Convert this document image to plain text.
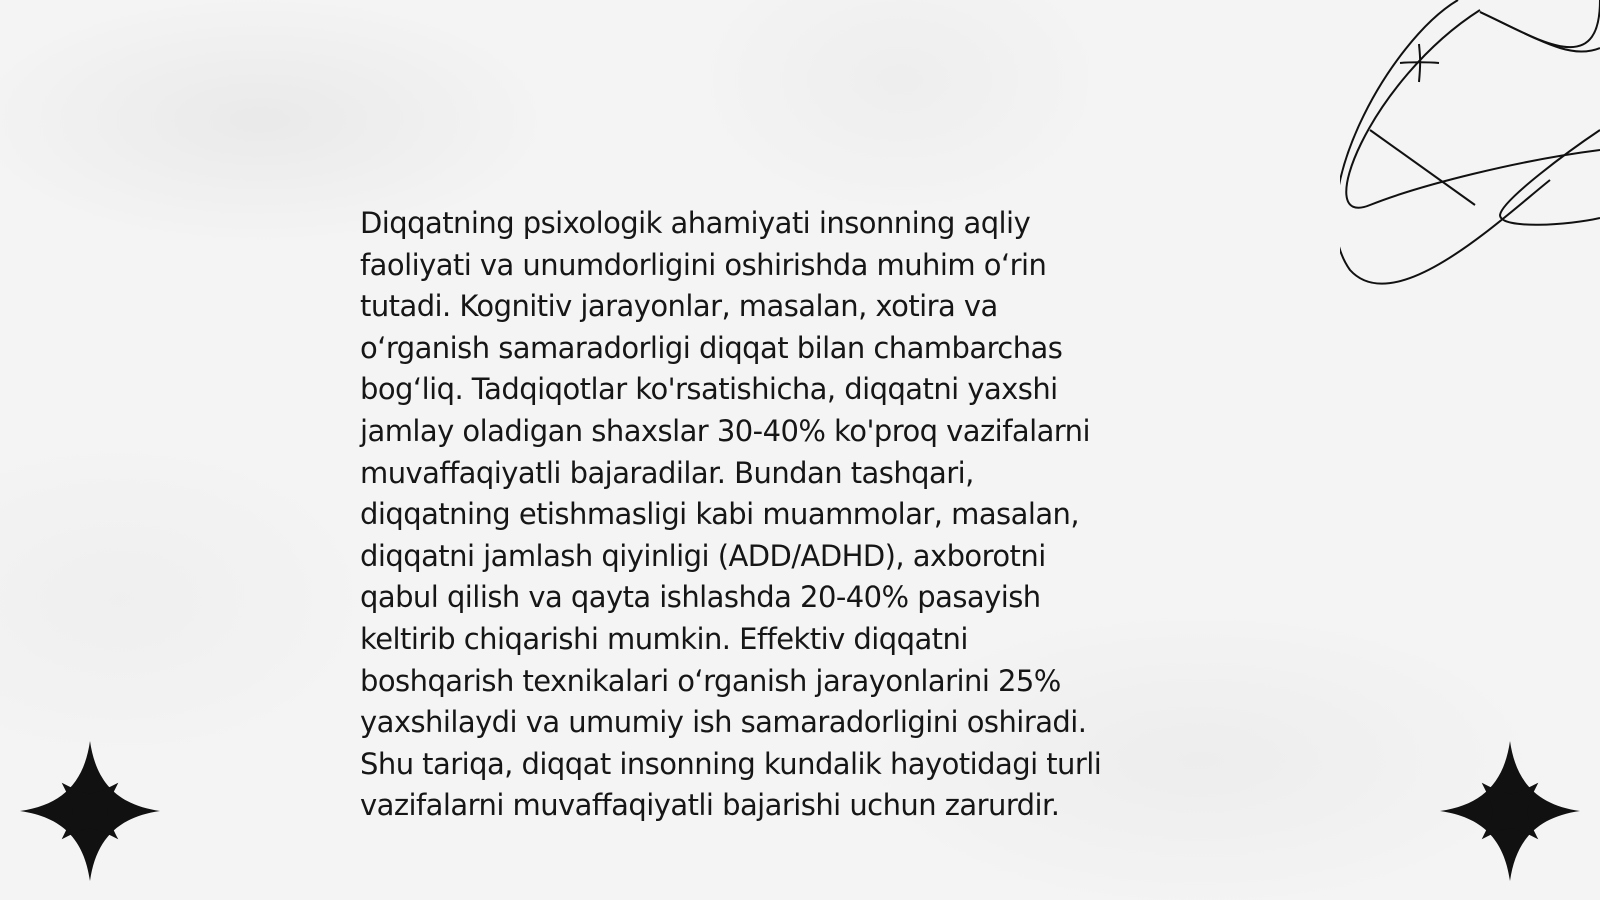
Diqqatning psixologik ahamiyati insonning aqliy
faoliyati va unumdorligini oshirishda muhim o‘rin
tutadi. Kognitiv jarayonlar, masalan, xotira va
o‘rganish samaradorligi diqqat bilan chambarchas
bog‘liq. Tadqiqotlar ko'rsatishicha, diqqatni yaxshi
jamlay oladigan shaxslar 30-40% ko'proq vazifalarni
muvaffaqiyatli bajaradilar. Bundan tashqari,
diqqatning etishmasligi kabi muammolar, masalan,
diqqatni jamlash qiyinligi (ADD/ADHD), axborotni
qabul qilish va qayta ishlashda 20-40% pasayish
keltirib chiqarishi mumkin. Effektiv diqqatni
boshqarish texnikalari o‘rganish jarayonlarini 25%
yaxshilaydi va umumiy ish samaradorligini oshiradi.
Shu tariqa, diqqat insonning kundalik hayotidagi turli
vazifalarni muvaffaqiyatli bajarishi uchun zarurdir.
